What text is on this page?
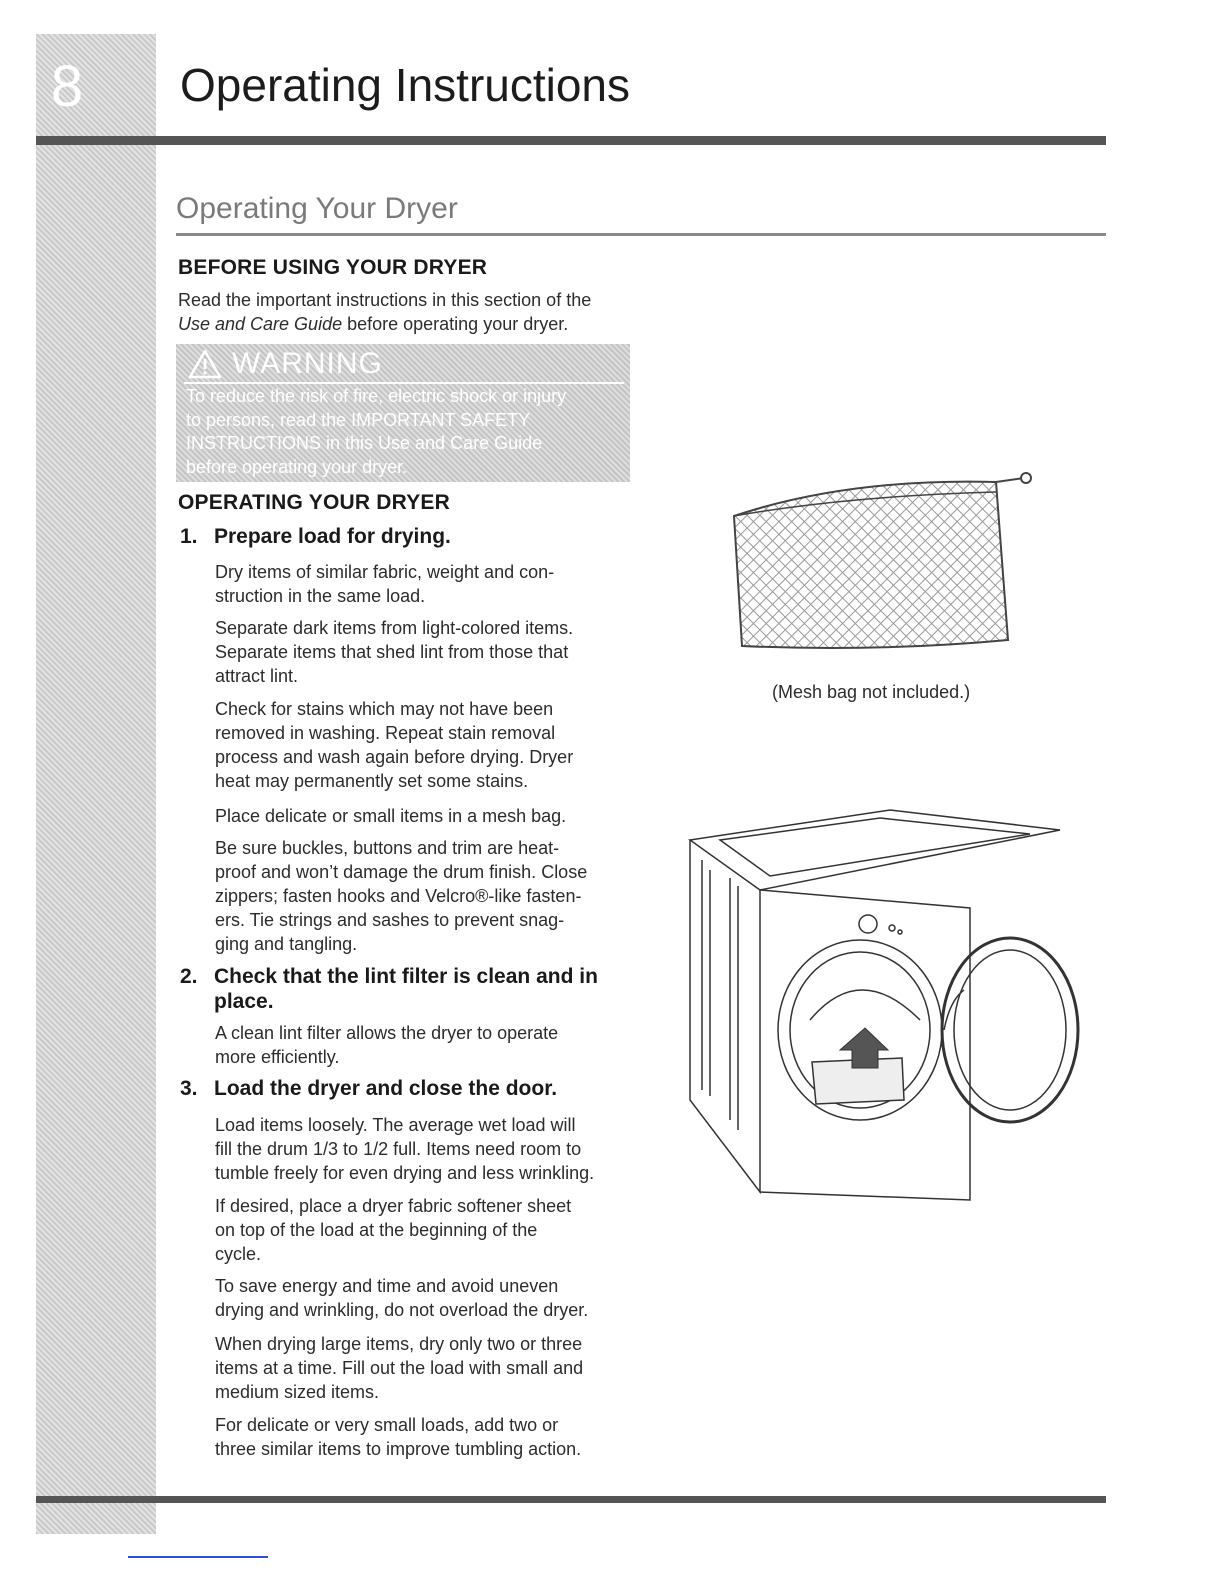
8	Operating Instructions
Operating Your Dryer
BEFORE USING YOUR DRYER

Read the important instructions in this section of the
Use and Care Guide before operating your dryer.

WARNING

To reduce the risk of fire, electric shock or injury
to persons, read the IMPORTANT SAFETY
INSTRUCTIONS in this Use and Care Guide
before operating your dryer.

OPERATING YOUR DRYER
1. Prepare load for drying.

Dry items of similar fabric, weight and con-
struction in the same load.

Separate dark items from light-colored items.
Separate items that shed lint from those that
attract lint.

Check for stains which may not have been
removed in washing. Repeat stain removal
process and wash again before drying. Dryer
heat may permanently set some stains.

Place delicate or small items in a mesh bag.

Be sure buckles, buttons and trim are heat-
proof and won’t damage the drum finish. Close
zippers; fasten hooks and Velcro®-like fasten-
ers. Tie strings and sashes to prevent snag-
ging and tangling.

2. Check that the lint filter is clean and in place.

A clean lint filter allows the dryer to operate
more efficiently.

3. Load the dryer and close the door.

Load items loosely. The average wet load will
fill the drum 1/3 to 1/2 full. Items need room to
tumble freely for even drying and less wrinkling.

If desired, place a dryer fabric softener sheet
on top of the load at the beginning of the
cycle.

To save energy and time and avoid uneven
drying and wrinkling, do not overload the dryer.

When drying large items, dry only two or three
items at a time. Fill out the load with small and
medium sized items.

For delicate or very small loads, add two or
three similar items to improve tumbling action.

(Mesh bag not included.)
